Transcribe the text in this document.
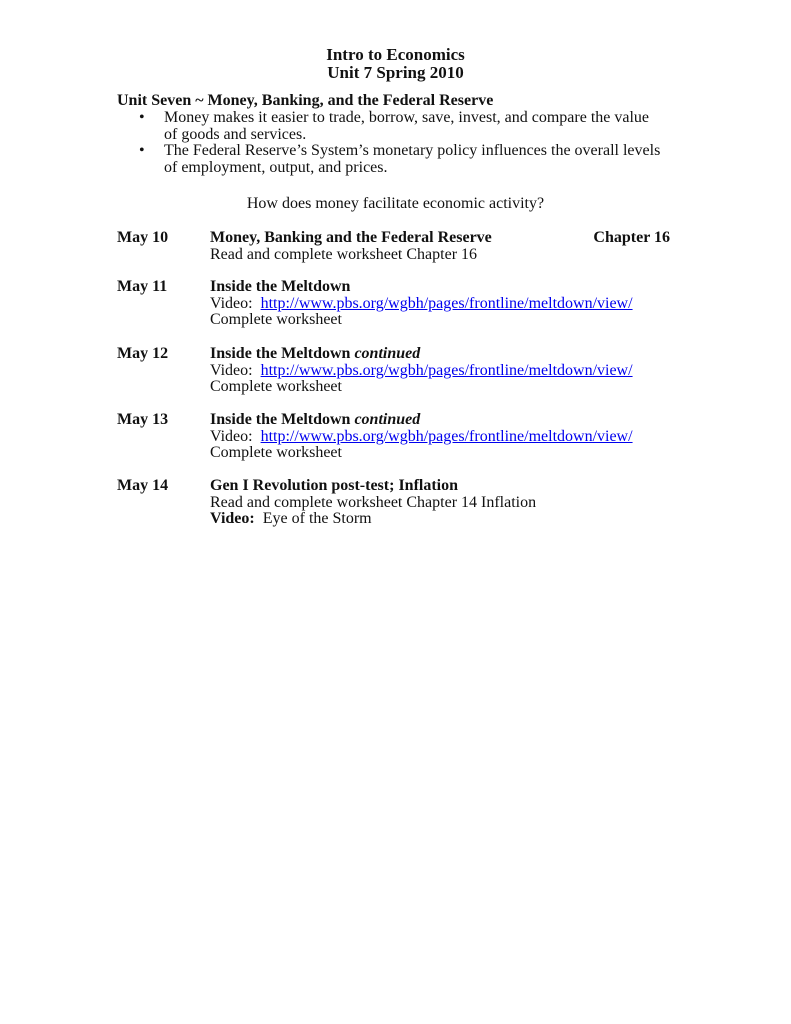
Intro to Economics
Unit 7 Spring 2010
Unit Seven ~ Money, Banking, and the Federal Reserve
• Money makes it easier to trade, borrow, save, invest, and compare the value of goods and services.
• The Federal Reserve’s System’s monetary policy influences the overall levels of employment, output, and prices.
How does money facilitate economic activity?
May 10	Money, Banking and the Federal Reserve	Chapter 16
Read and complete worksheet Chapter 16
May 11	Inside the Meltdown
Video: http://www.pbs.org/wgbh/pages/frontline/meltdown/view/
Complete worksheet
May 12	Inside the Meltdown continued
Video: http://www.pbs.org/wgbh/pages/frontline/meltdown/view/
Complete worksheet
May 13	Inside the Meltdown continued
Video: http://www.pbs.org/wgbh/pages/frontline/meltdown/view/
Complete worksheet
May 14	Gen I Revolution post-test; Inflation
Read and complete worksheet Chapter 14 Inflation
Video: Eye of the Storm
